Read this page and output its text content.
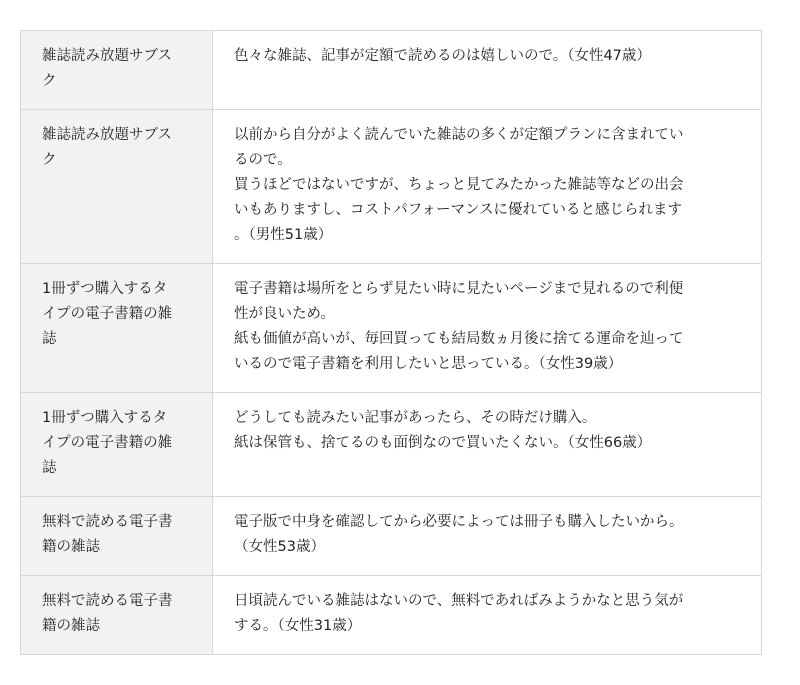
雑誌読み放題サブス
ク	色々な雑誌、記事が定額で読めるのは嬉しいので。（女性47歳）

雑誌読み放題サブス
ク	以前から自分がよく読んでいた雑誌の多くが定額プランに含まれてい
るので。
買うほどではないですが、ちょっと見てみたかった雑誌等などの出会
いもありますし、コストパフォーマンスに優れていると感じられます
。（男性51歳）

1冊ずつ購入するタ
イプの電子書籍の雑
誌	電子書籍は場所をとらず見たい時に見たいページまで見れるので利便
性が良いため。
紙も価値が高いが、毎回買っても結局数ヵ月後に捨てる運命を辿って
いるので電子書籍を利用したいと思っている。（女性39歳）

1冊ずつ購入するタ
イプの電子書籍の雑
誌	どうしても読みたい記事があったら、その時だけ購入。
紙は保管も、捨てるのも面倒なので買いたくない。（女性66歳）

無料で読める電子書
籍の雑誌	電子版で中身を確認してから必要によっては冊子も購入したいから。
（女性53歳）

無料で読める電子書
籍の雑誌	日頃読んでいる雑誌はないので、無料であればみようかなと思う気が
する。（女性31歳）
